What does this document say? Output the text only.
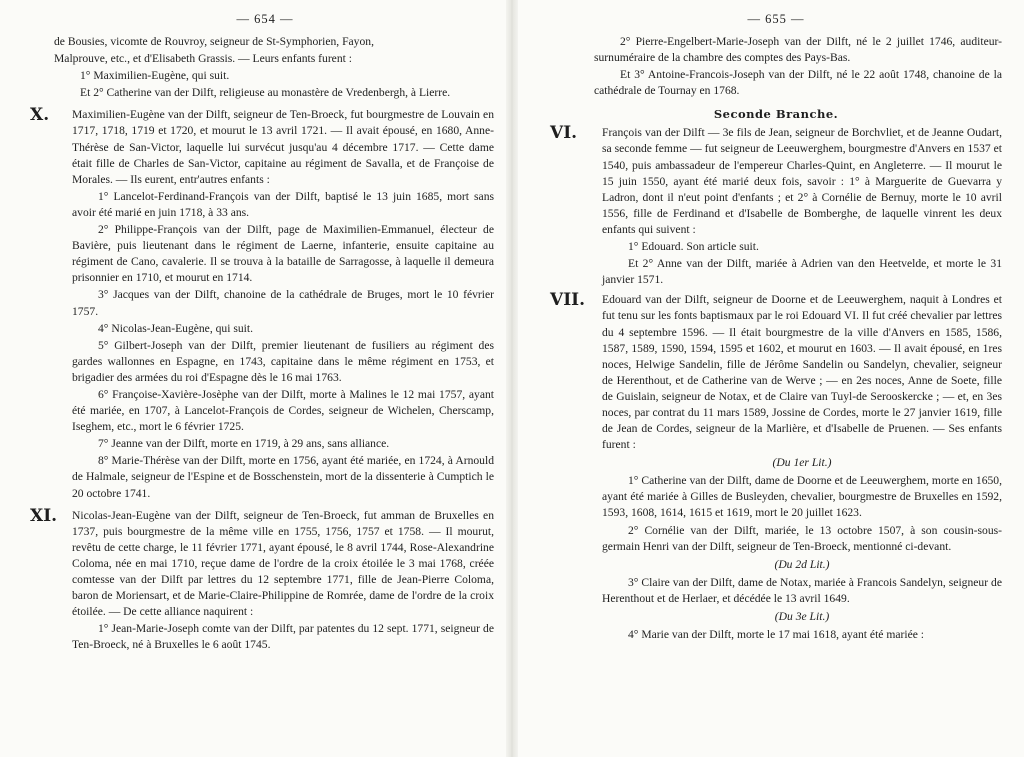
— 654 —

de Bousies, vicomte de Rouvroy, seigneur de St-Symphorien, Fayon,

Malprouve, etc., et d'Elisabeth Grassis. — Leurs enfants furent :

1° Maximilien-Eugène, qui suit.

Et 2° Catherine van der Dilft, religieuse au monastère de Vredenbergh, à Lierre.

X. Maximilien-Eugène van der Dilft, seigneur de Ten-Broeck, fut bourgmestre de Louvain en 1717, 1718, 1719 et 1720, et mourut le 13 avril 1721. — Il avait épousé, en 1680, Anne-Thérèse de San-Victor, laquelle lui survécut jusqu'au 4 décembre 1717. — Cette dame était fille de Charles de San-Victor, capitaine au régiment de Savalla, et de Françoise de Morales. — Ils eurent, entr'autres enfants :

1° Lancelot-Ferdinand-François van der Dilft, baptisé le 13 juin 1685, mort sans avoir été marié en juin 1718, à 33 ans.

2° Philippe-François van der Dilft, page de Maximilien-Emmanuel, électeur de Bavière, puis lieutenant dans le régiment de Laerne, infanterie, ensuite capitaine au régiment de Cano, cavalerie. Il se trouva à la bataille de Sarragosse, à laquelle il demeura prisonnier en 1710, et mourut en 1714.

3° Jacques van der Dilft, chanoine de la cathédrale de Bruges, mort le 10 février 1757.

4° Nicolas-Jean-Eugène, qui suit.

5° Gilbert-Joseph van der Dilft, premier lieutenant de fusiliers au régiment des gardes wallonnes en Espagne, en 1743, capitaine dans le même régiment en 1753, et brigadier des armées du roi d'Espagne dès le 16 mai 1763.

6° Françoise-Xavière-Josèphe van der Dilft, morte à Malines le 12 mai 1757, ayant été mariée, en 1707, à Lancelot-François de Cordes, seigneur de Wichelen, Cherscamp, Iseghem, etc., mort le 6 février 1725.

7° Jeanne van der Dilft, morte en 1719, à 29 ans, sans alliance.

8° Marie-Thérèse van der Dilft, morte en 1756, ayant été mariée, en 1724, à Arnould de Halmale, seigneur de l'Espine et de Bosschenstein, mort de la dissenterie à Cumptich le 20 octobre 1741.

XI. Nicolas-Jean-Eugène van der Dilft, seigneur de Ten-Broeck, fut amman de Bruxelles en 1737, puis bourgmestre de la même ville en 1755, 1756, 1757 et 1758. — Il mourut, revêtu de cette charge, le 11 février 1771, ayant épousé, le 8 avril 1744, Rose-Alexandrine Coloma, née en mai 1710, reçue dame de l'ordre de la croix étoilée le 3 mai 1768, créée comtesse van der Dilft par lettres du 12 septembre 1771, fille de Jean-Pierre Coloma, baron de Moriensart, et de Marie-Claire-Philippine de Romrée, dame de l'ordre de la croix étoilée. — De cette alliance naquirent :

1° Jean-Marie-Joseph comte van der Dilft, par patentes du 12 sept. 1771, seigneur de Ten-Broeck, né à Bruxelles le 6 août 1745.

— 655 —

2° Pierre-Engelbert-Marie-Joseph van der Dilft, né le 2 juillet 1746, auditeur-surnuméraire de la chambre des comptes des Pays-Bas.

Et 3° Antoine-Francois-Joseph van der Dilft, né le 22 août 1748, chanoine de la cathédrale de Tournay en 1768.

Seconde Branche.
VI. François van der Dilft — 3e fils de Jean, seigneur de Borchvliet, et de Jeanne Oudart, sa seconde femme — fut seigneur de Leeuwerghem, bourgmestre d'Anvers en 1537 et 1540, puis ambassadeur de l'empereur Charles-Quint, en Angleterre. — Il mourut le 15 juin 1550, ayant été marié deux fois, savoir : 1° à Marguerite de Guevarra y Ladron, dont il n'eut point d'enfants ; et 2° à Cornélie de Bernuy, morte le 10 avril 1556, fille de Ferdinand et d'Isabelle de Bomberghe, de laquelle vinrent les deux enfants qui suivent :

1° Edouard. Son article suit.

Et 2° Anne van der Dilft, mariée à Adrien van den Heetvelde, et morte le 31 janvier 1571.

VII. Edouard van der Dilft, seigneur de Doorne et de Leeuwerghem, naquit à Londres et fut tenu sur les fonts baptismaux par le roi Edouard VI. Il fut créé chevalier par lettres du 4 septembre 1596. — Il était bourgmestre de la ville d'Anvers en 1585, 1586, 1587, 1589, 1590, 1594, 1595 et 1602, et mourut en 1603. — Il avait épousé, en 1res noces, Helwige Sandelin, fille de Jérôme Sandelin ou Sandelyn, chevalier, seigneur de Herenthout, et de Catherine van de Werve ; — en 2es noces, Anne de Soete, fille de Guislain, seigneur de Notax, et de Claire van Tuyl-de Serooskercke ; — et, en 3es noces, par contrat du 11 mars 1589, Jossine de Cordes, morte le 27 janvier 1619, fille de Jean de Cordes, seigneur de la Marlière, et d'Isabelle de Pruenen. — Ses enfants furent :

(Du 1er Lit.)

1° Catherine van der Dilft, dame de Doorne et de Leeuwerghem, morte en 1650, ayant été mariée à Gilles de Busleyden, chevalier, bourgmestre de Bruxelles en 1592, 1593, 1608, 1614, 1615 et 1619, mort le 20 juillet 1623.

2° Cornélie van der Dilft, mariée, le 13 octobre 1507, à son cousin-sous-germain Henri van der Dilft, seigneur de Ten-Broeck, mentionné ci-devant.

(Du 2d Lit.)

3° Claire van der Dilft, dame de Notax, mariée à Francois Sandelyn, seigneur de Herenthout et de Herlaer, et décédée le 13 avril 1649.

(Du 3e Lit.)

4° Marie van der Dilft, morte le 17 mai 1618, ayant été mariée :
